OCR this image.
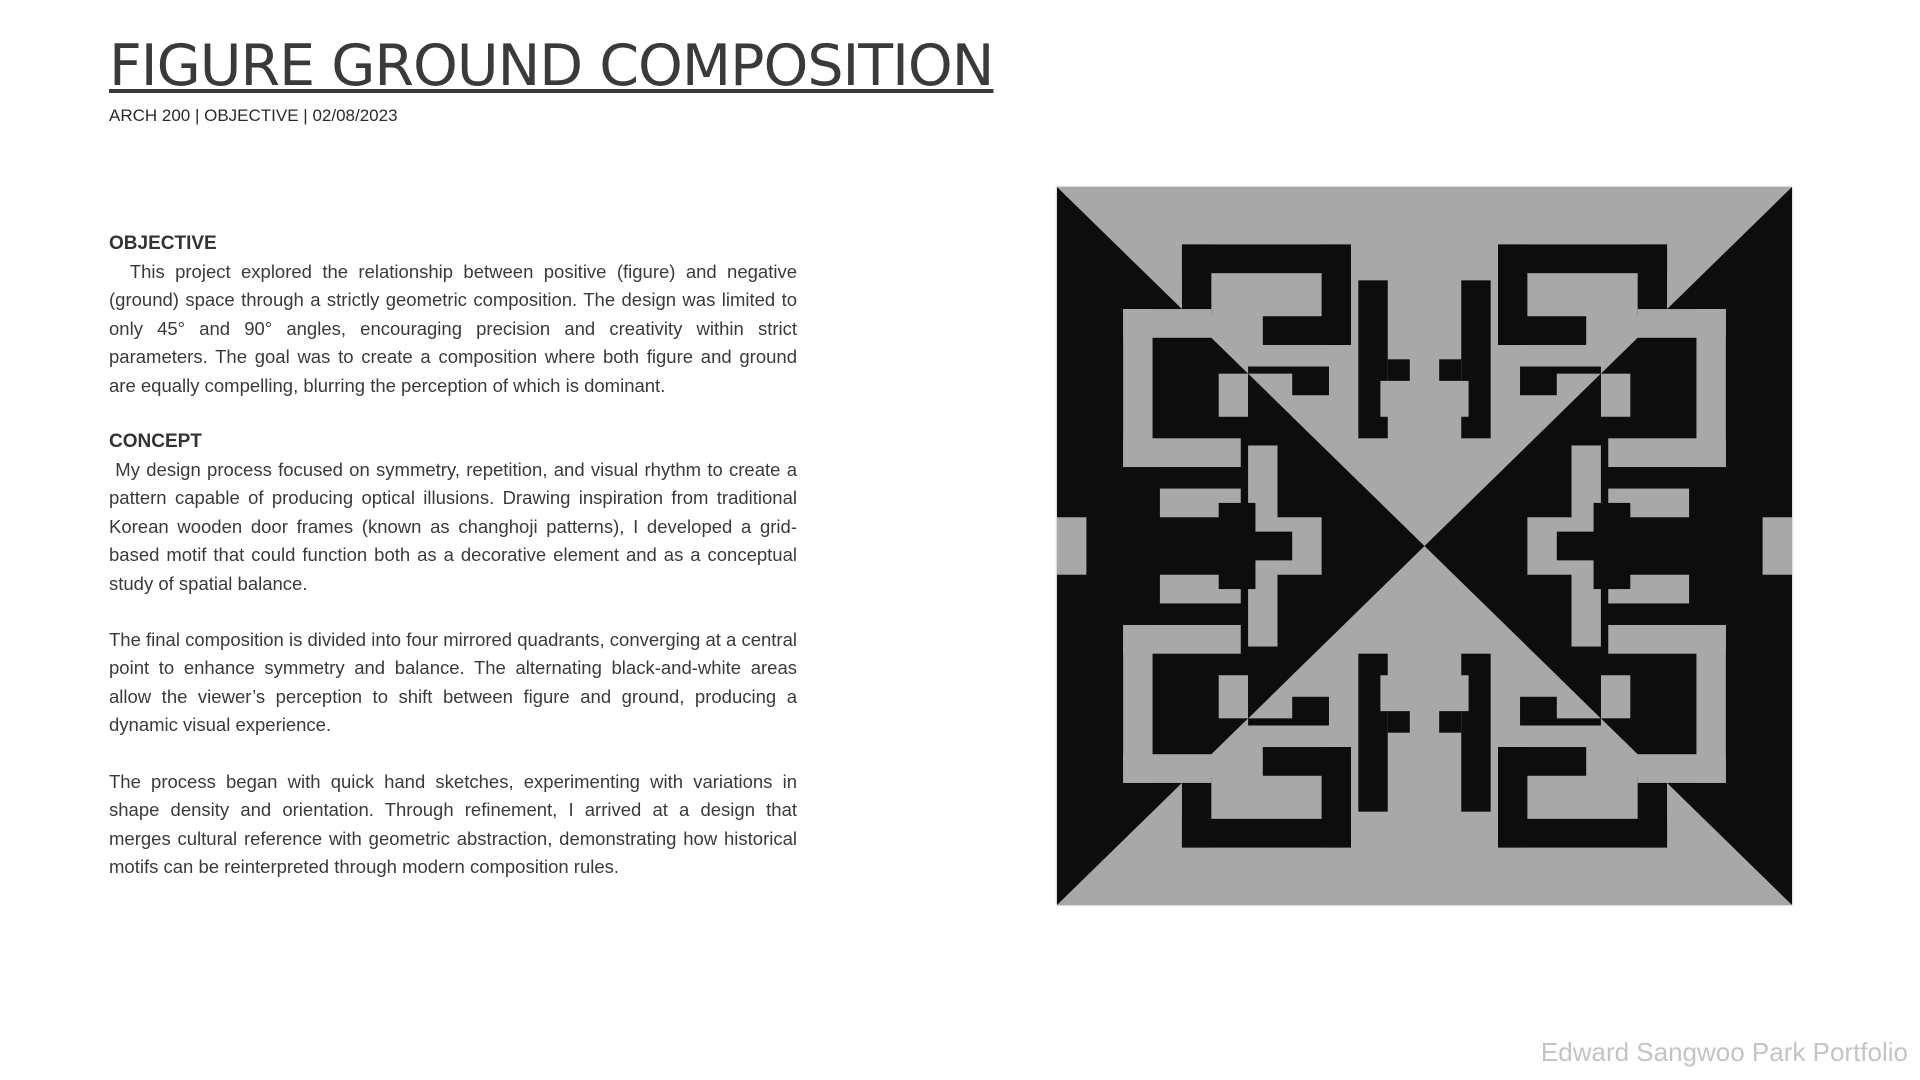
FIGURE GROUND COMPOSITION

ARCH 200 | OBJECTIVE | 02/08/2023

OBJECTIVE

This project explored the relationship between positive (figure) and negative (ground) space through a strictly geometric composition. The design was limited to only 45° and 90° angles, encouraging precision and creativity within strict parameters. The goal was to create a composition where both figure and ground are equally compelling, blurring the perception of which is dominant.

CONCEPT

My design process focused on symmetry, repetition, and visual rhythm to create a pattern capable of producing optical illusions. Drawing inspiration from traditional Korean wooden door frames (known as changhoji patterns), I developed a grid-based motif that could function both as a decorative element and as a conceptual study of spatial balance.

The final composition is divided into four mirrored quadrants, converging at a central point to enhance symmetry and balance. The alternating black-and-white areas allow the viewer’s perception to shift between figure and ground, producing a dynamic visual experience.

The process began with quick hand sketches, experimenting with variations in shape density and orientation. Through refinement, I arrived at a design that merges cultural reference with geometric abstraction, demonstrating how historical motifs can be reinterpreted through modern composition rules.

Edward Sangwoo Park Portfolio
